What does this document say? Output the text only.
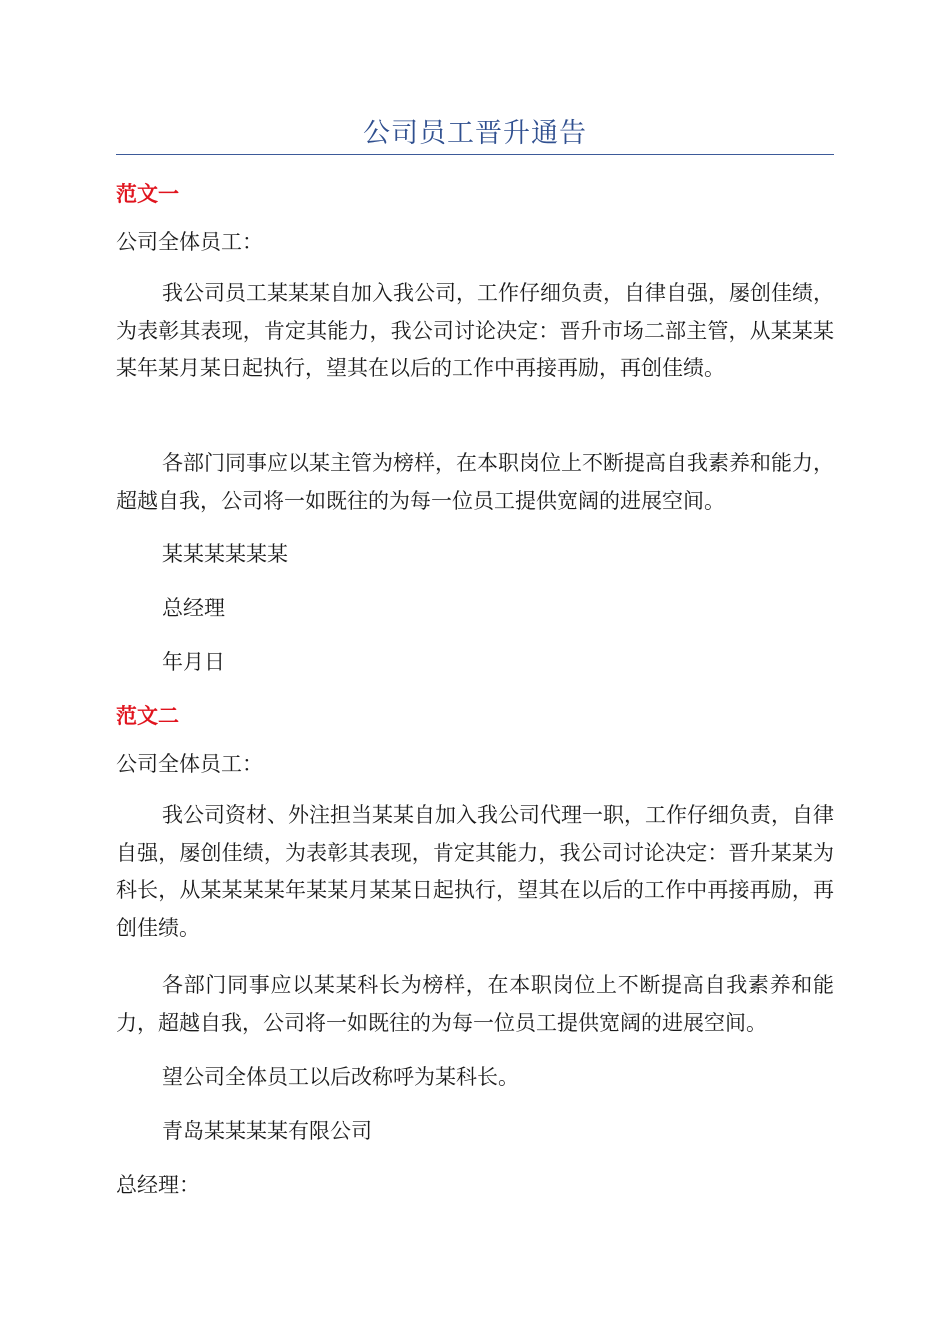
公司员工晋升通告
范文一
公司全体员工：
我公司员工某某某自加入我公司，工作仔细负责，自律自强，屡创佳绩，为表彰其表现，肯定其能力，我公司讨论决定：晋升市场二部主管，从某某某某年某月某日起执行，望其在以后的工作中再接再励，再创佳绩。
各部门同事应以某主管为榜样，在本职岗位上不断提高自我素养和能力，超越自我，公司将一如既往的为每一位员工提供宽阔的进展空间。
某某某某某某
总经理
年月日
范文二
公司全体员工：
我公司资材、外注担当某某自加入我公司代理一职，工作仔细负责，自律自强，屡创佳绩，为表彰其表现，肯定其能力，我公司讨论决定：晋升某某为科长，从某某某某年某某月某某日起执行，望其在以后的工作中再接再励，再创佳绩。
各部门同事应以某某科长为榜样，在本职岗位上不断提高自我素养和能力，超越自我，公司将一如既往的为每一位员工提供宽阔的进展空间。
望公司全体员工以后改称呼为某科长。
青岛某某某某有限公司
总经理：
